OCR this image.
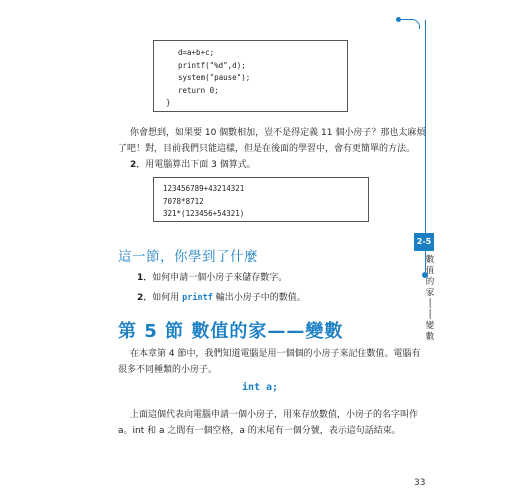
2-5
數
值
的
家
│
│
變
數
d=a+b+c;
printf("%d",d);
system("pause");
return 0;
}
你會想到，如果要 10 個數相加，豈不是得定義 11 個小房子？那也太麻煩
了吧！對，目前我們只能這樣，但是在後面的學習中，會有更簡單的方法。
2．用電腦算出下面 3 個算式。
123456789+43214321
7078*8712
321*(123456+54321)
這一節，你學到了什麼
1．如何申請一個小房子來儲存數字。
2．如何用 printf 輸出小房子中的數值。
第 5 節 數值的家——變數
在本章第 4 節中，我們知道電腦是用一個個的小房子來記住數值。電腦有
很多不同種類的小房子。
int a;
上面這個代表向電腦申請一個小房子，用來存放數值，小房子的名字叫作
a。int 和 a 之間有一個空格，a 的末尾有一個分號，表示這句話結束。
33
